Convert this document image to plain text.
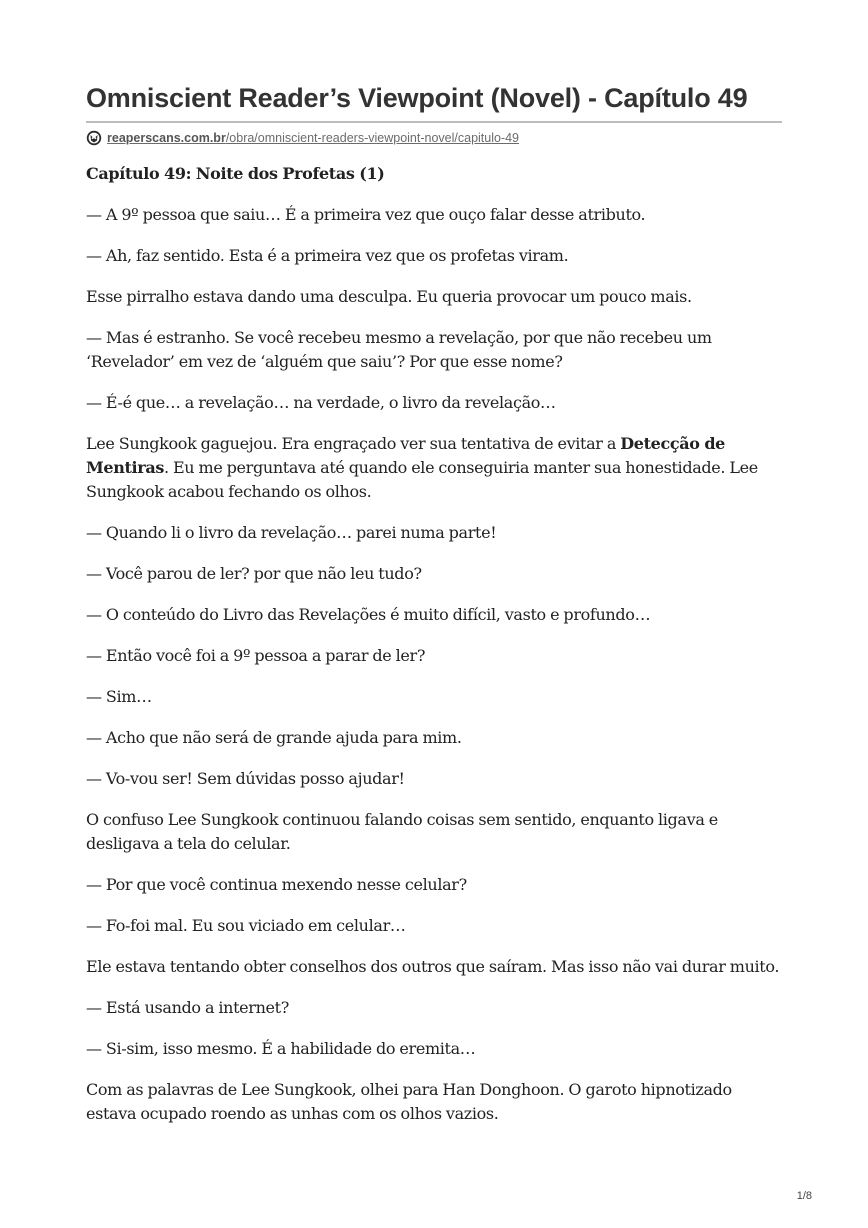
Omniscient Reader’s Viewpoint (Novel) - Capítulo 49
reaperscans.com.br/obra/omniscient-readers-viewpoint-novel/capitulo-49

Capítulo 49: Noite dos Profetas (1)

— A 9º pessoa que saiu… É a primeira vez que ouço falar desse atributo.

— Ah, faz sentido. Esta é a primeira vez que os profetas viram.

Esse pirralho estava dando uma desculpa. Eu queria provocar um pouco mais.

— Mas é estranho. Se você recebeu mesmo a revelação, por que não recebeu um ‘Revelador’ em vez de ‘alguém que saiu’? Por que esse nome?

— É-é que… a revelação… na verdade, o livro da revelação…

Lee Sungkook gaguejou. Era engraçado ver sua tentativa de evitar a Detecção de Mentiras. Eu me perguntava até quando ele conseguiria manter sua honestidade. Lee Sungkook acabou fechando os olhos.

— Quando li o livro da revelação… parei numa parte!

— Você parou de ler? por que não leu tudo?

— O conteúdo do Livro das Revelações é muito difícil, vasto e profundo…

— Então você foi a 9º pessoa a parar de ler?

— Sim…

— Acho que não será de grande ajuda para mim.

— Vo-vou ser! Sem dúvidas posso ajudar!

O confuso Lee Sungkook continuou falando coisas sem sentido, enquanto ligava e desligava a tela do celular.

— Por que você continua mexendo nesse celular?

— Fo-foi mal. Eu sou viciado em celular…

Ele estava tentando obter conselhos dos outros que saíram. Mas isso não vai durar muito.

— Está usando a internet?

— Si-sim, isso mesmo. É a habilidade do eremita…

Com as palavras de Lee Sungkook, olhei para Han Donghoon. O garoto hipnotizado estava ocupado roendo as unhas com os olhos vazios.

1/8
